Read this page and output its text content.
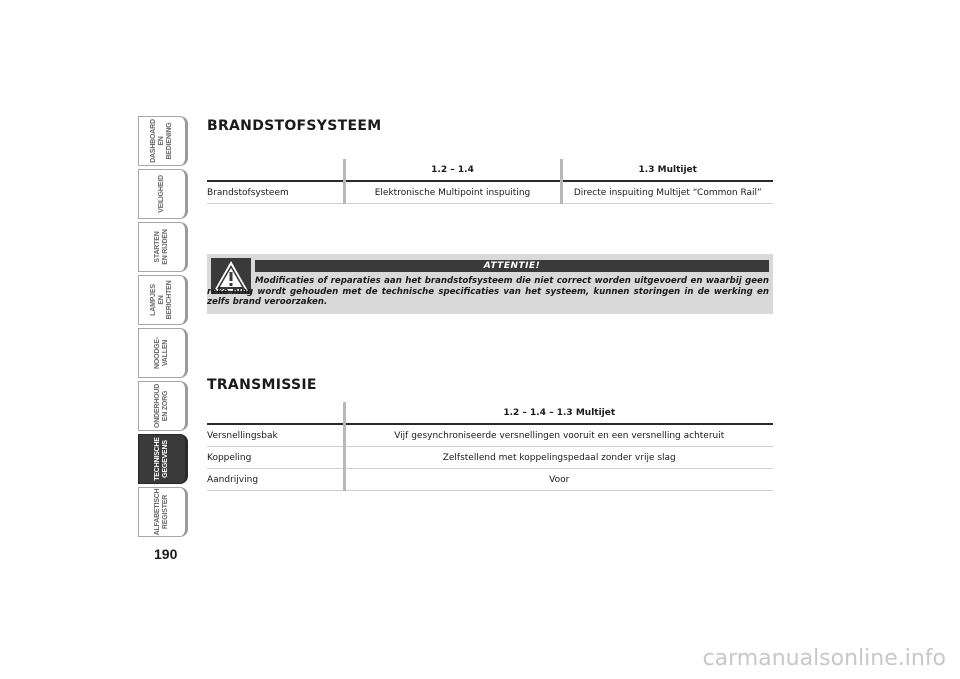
DASHBOARD
EN BEDIENING
VEILIGHEID
STARTEN
EN RIJDEN
LAMPJES
EN BERICHTEN
NOODGE-
VALLEN
ONDERHOUD
EN ZORG
TECHNISCHE
GEGEVENS
ALFABETISCH
REGISTER
190
BRANDSTOFSYSTEEM
	1.2 – 1.4	1.3 Multijet
Brandstofsysteem	Elektronische Multipoint inspuiting	Directe inspuiting Multijet “Common Rail”
ATTENTIE!
Modificaties of reparaties aan het brandstofsysteem die niet correct worden uitgevoerd en waarbij geen reke-ning wordt gehouden met de technische specificaties van het systeem, kunnen storingen in de werking en zelfs brand veroorzaken.
TRANSMISSIE
	1.2 – 1.4 – 1.3 Multijet
Versnellingsbak	Vijf gesynchroniseerde versnellingen vooruit en een versnelling achteruit
Koppeling	Zelfstellend met koppelingspedaal zonder vrije slag
Aandrijving	Voor
carmanualsonline.info
